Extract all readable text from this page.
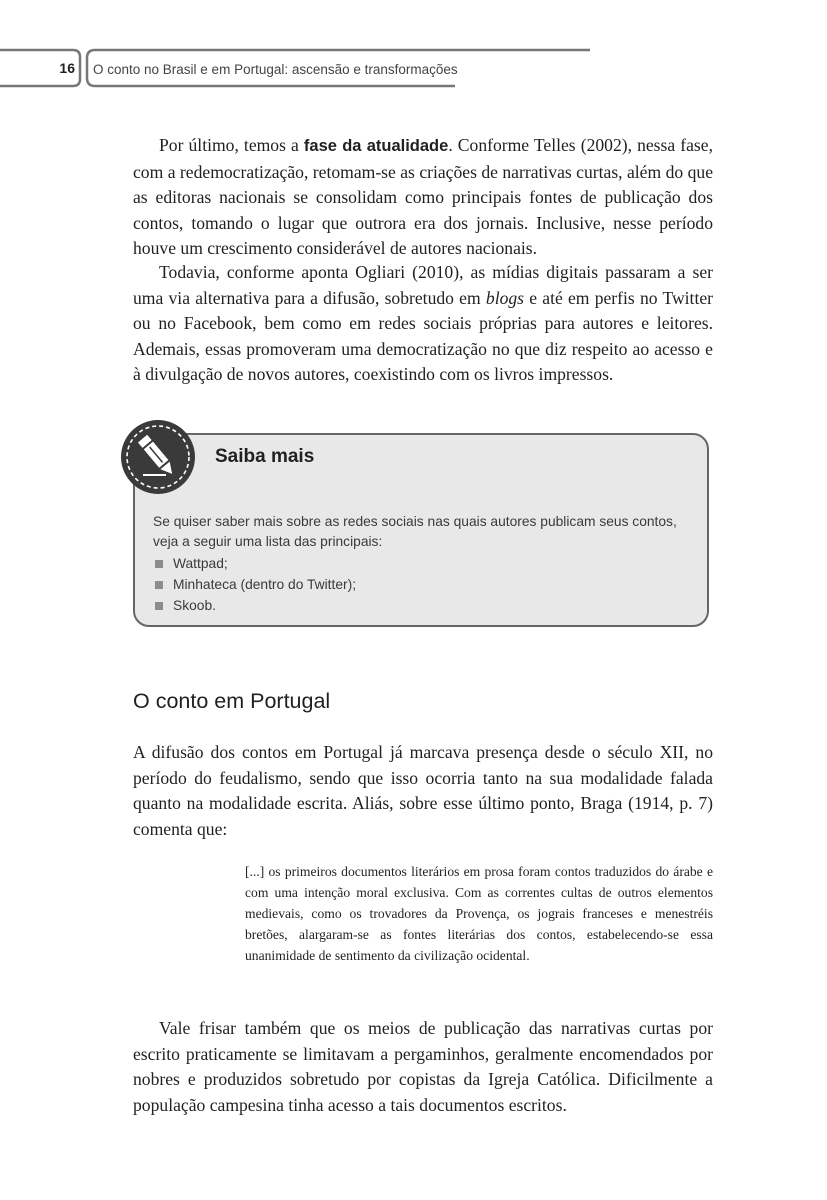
16 O conto no Brasil e em Portugal: ascensão e transformações

Por último, temos a fase da atualidade. Conforme Telles (2002), nessa fase, com a redemocratização, retomam-se as criações de narrativas curtas, além do que as editoras nacionais se consolidam como principais fontes de publicação dos contos, tomando o lugar que outrora era dos jornais. Inclusive, nesse período houve um crescimento considerável de autores nacionais.

Todavia, conforme aponta Ogliari (2010), as mídias digitais passaram a ser uma via alternativa para a difusão, sobretudo em blogs e até em perfis no Twitter ou no Facebook, bem como em redes sociais próprias para autores e leitores. Ademais, essas promoveram uma democratização no que diz respeito ao acesso e à divulgação de novos autores, coexistindo com os livros impressos.

Saiba mais

Se quiser saber mais sobre as redes sociais nas quais autores publicam seus contos, veja a seguir uma lista das principais:

Wattpad;
Minhateca (dentro do Twitter);
Skoob.
O conto em Portugal

A difusão dos contos em Portugal já marcava presença desde o século XII, no período do feudalismo, sendo que isso ocorria tanto na sua modalidade falada quanto na modalidade escrita. Aliás, sobre esse último ponto, Braga (1914, p. 7) comenta que:

[...] os primeiros documentos literários em prosa foram contos traduzidos do árabe e com uma intenção moral exclusiva. Com as correntes cultas de outros elementos medievais, como os trovadores da Provença, os jograis franceses e menestréis bretões, alargaram-se as fontes literárias dos contos, estabelecendo-se essa unanimidade de sentimento da civilização ocidental.

Vale frisar também que os meios de publicação das narrativas curtas por escrito praticamente se limitavam a pergaminhos, geralmente encomendados por nobres e produzidos sobretudo por copistas da Igreja Católica. Dificilmente a população campesina tinha acesso a tais documentos escritos.
